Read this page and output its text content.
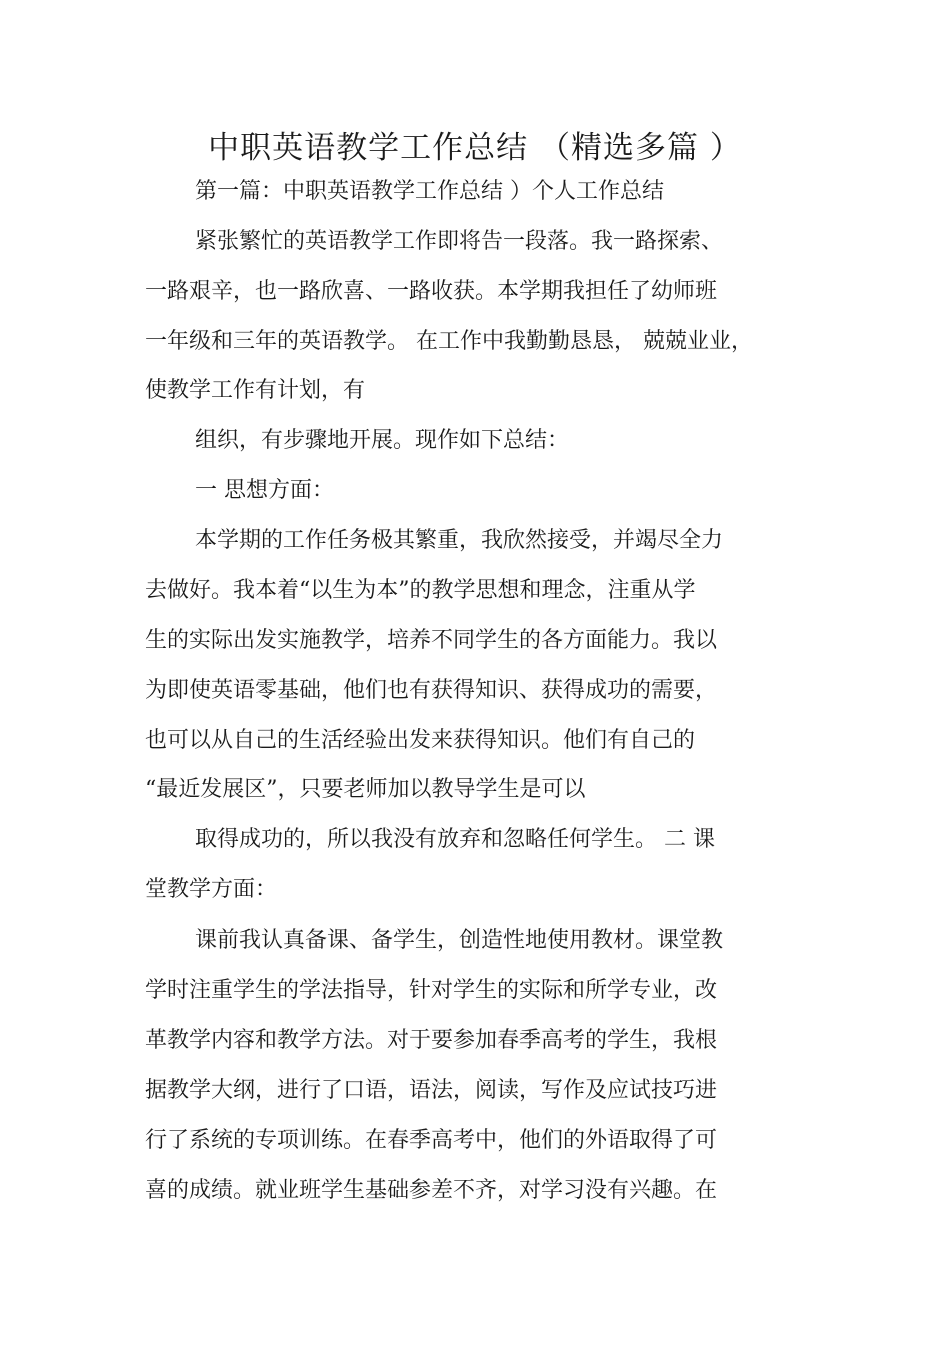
中职英语教学工作总结 （精选多篇 ）
第一篇：中职英语教学工作总结 ）个人工作总结
紧张繁忙的英语教学工作即将告一段落。我一路探索、
一路艰辛，也一路欣喜、一路收获。本学期我担任了幼师班
一年级和三年的英语教学。 在工作中我勤勤恳恳， 兢兢业业，
使教学工作有计划，有
组织，有步骤地开展。现作如下总结：
一 思想方面：
本学期的工作任务极其繁重，我欣然接受，并竭尽全力
去做好。我本着“以生为本”的教学思想和理念，注重从学
生的实际出发实施教学，培养不同学生的各方面能力。我以
为即使英语零基础，他们也有获得知识、获得成功的需要，
也可以从自己的生活经验出发来获得知识。他们有自己的
“最近发展区”，只要老师加以教导学生是可以
取得成功的，所以我没有放弃和忽略任何学生。 二 课
堂教学方面：
课前我认真备课、备学生，创造性地使用教材。课堂教
学时注重学生的学法指导，针对学生的实际和所学专业，改
革教学内容和教学方法。对于要参加春季高考的学生，我根
据教学大纲，进行了口语，语法，阅读，写作及应试技巧进
行了系统的专项训练。在春季高考中，他们的外语取得了可
喜的成绩。就业班学生基础参差不齐，对学习没有兴趣。在
